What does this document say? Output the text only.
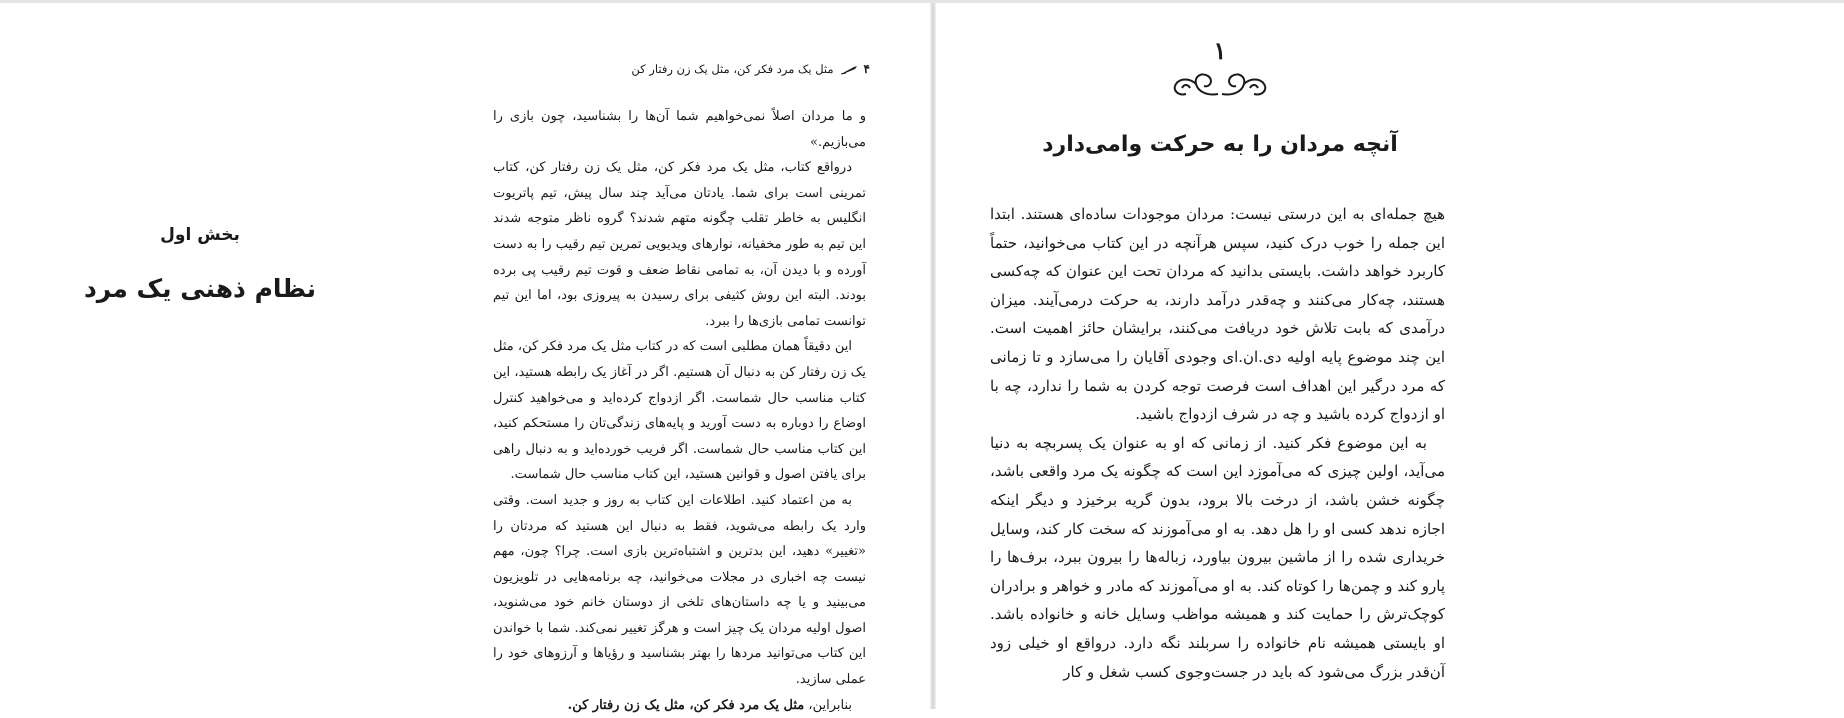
بخش اول
نظام ذهنی یک مرد
۴
مثل یک مرد فکر کن، مثل یک زن رفتار کن

و ما مردان اصلاً نمی‌خواهیم شما آن‌ها را بشناسید، چون بازی را می‌بازیم.»

درواقع کتاب، مثل یک مرد فکر کن، مثل یک زن رفتار کن، کتاب تمرینی است برای شما. یادتان می‌آید چند سال پیش، تیم پاتریوت انگلیس به خاطر تقلب چگونه متهم شدند؟ گروه ناظر متوجه شدند این تیم به طور مخفیانه، نوارهای ویدیویی تمرین تیم رقیب را به دست آورده و با دیدن آن، به تمامی نقاط ضعف و قوت تیم رقیب پی برده بودند. البته این روش کثیفی برای رسیدن به پیروزی بود، اما این تیم توانست تمامی بازی‌ها را ببرد.

این دقیقاً همان مطلبی است که در کتاب مثل یک مرد فکر کن، مثل یک زن رفتار کن به دنبال آن هستیم. اگر در آغاز یک رابطه هستید، این کتاب مناسب حال شماست. اگر ازدواج کرده‌اید و می‌خواهید کنترل اوضاع را دوباره به دست آورید و پایه‌های زندگی‌تان را مستحکم کنید، این کتاب مناسب حال شماست. اگر فریب خورده‌اید و به دنبال راهی برای یافتن اصول و قوانین هستید، این کتاب مناسب حال شماست.

به من اعتماد کنید. اطلاعات این کتاب به روز و جدید است. وقتی وارد یک رابطه می‌شوید، فقط به دنبال این هستید که مردتان را «تغییر» دهید، این بدترین و اشتباه‌ترین بازی است. چرا؟ چون، مهم نیست چه اخباری در مجلات می‌خوانید، چه برنامه‌هایی در تلویزیون می‌بینید و یا چه داستان‌های تلخی از دوستان خانم خود می‌شنوید، اصول اولیه مردان یک چیز است و هرگز تغییر نمی‌کند. شما با خواندن این کتاب می‌توانید مردها را بهتر بشناسید و رؤیاها و آرزوهای خود را عملی سازید.

بنابراین، مثل یک مرد فکر کن، مثل یک زن رفتار کن.

۱
آنچه مردان را به حرکت وامی‌دارد

هیچ جمله‌ای به این درستی نیست: مردان موجودات ساده‌ای هستند. ابتدا این جمله را خوب درک کنید، سپس هرآنچه در این کتاب می‌خوانید، حتماً کاربرد خواهد داشت. بایستی بدانید که مردان تحت این عنوان که چه‌کسی هستند، چه‌کار می‌کنند و چه‌قدر درآمد دارند، به حرکت درمی‌آیند. میزان درآمدی که بابت تلاش خود دریافت می‌کنند، برایشان حائز اهمیت است. این چند موضوع پایه اولیه دی.ان.ای وجودی آقایان را می‌سازد و تا زمانی که مرد درگیر این اهداف است فرصت توجه کردن به شما را ندارد، چه با او ازدواج کرده باشید و چه در شرف ازدواج باشید.

به این موضوع فکر کنید. از زمانی که او به عنوان یک پسربچه به دنیا می‌آید، اولین چیزی که می‌آموزد این است که چگونه یک مرد واقعی باشد، چگونه خشن باشد، از درخت بالا برود، بدون گریه برخیزد و دیگر اینکه اجازه ندهد کسی او را هل دهد. به او می‌آموزند که سخت کار کند، وسایل خریداری شده را از ماشین بیرون بیاورد، زباله‌ها را بیرون ببرد، برف‌ها را پارو کند و چمن‌ها را کوتاه کند. به او می‌آموزند که مادر و خواهر و برادران کوچک‌ترش را حمایت کند و همیشه مواظب وسایل خانه و خانواده باشد. او بایستی همیشه نام خانواده را سربلند نگه دارد. درواقع او خیلی زود آن‌قدر بزرگ می‌شود که باید در جست‌وجوی کسب شغل و کار
